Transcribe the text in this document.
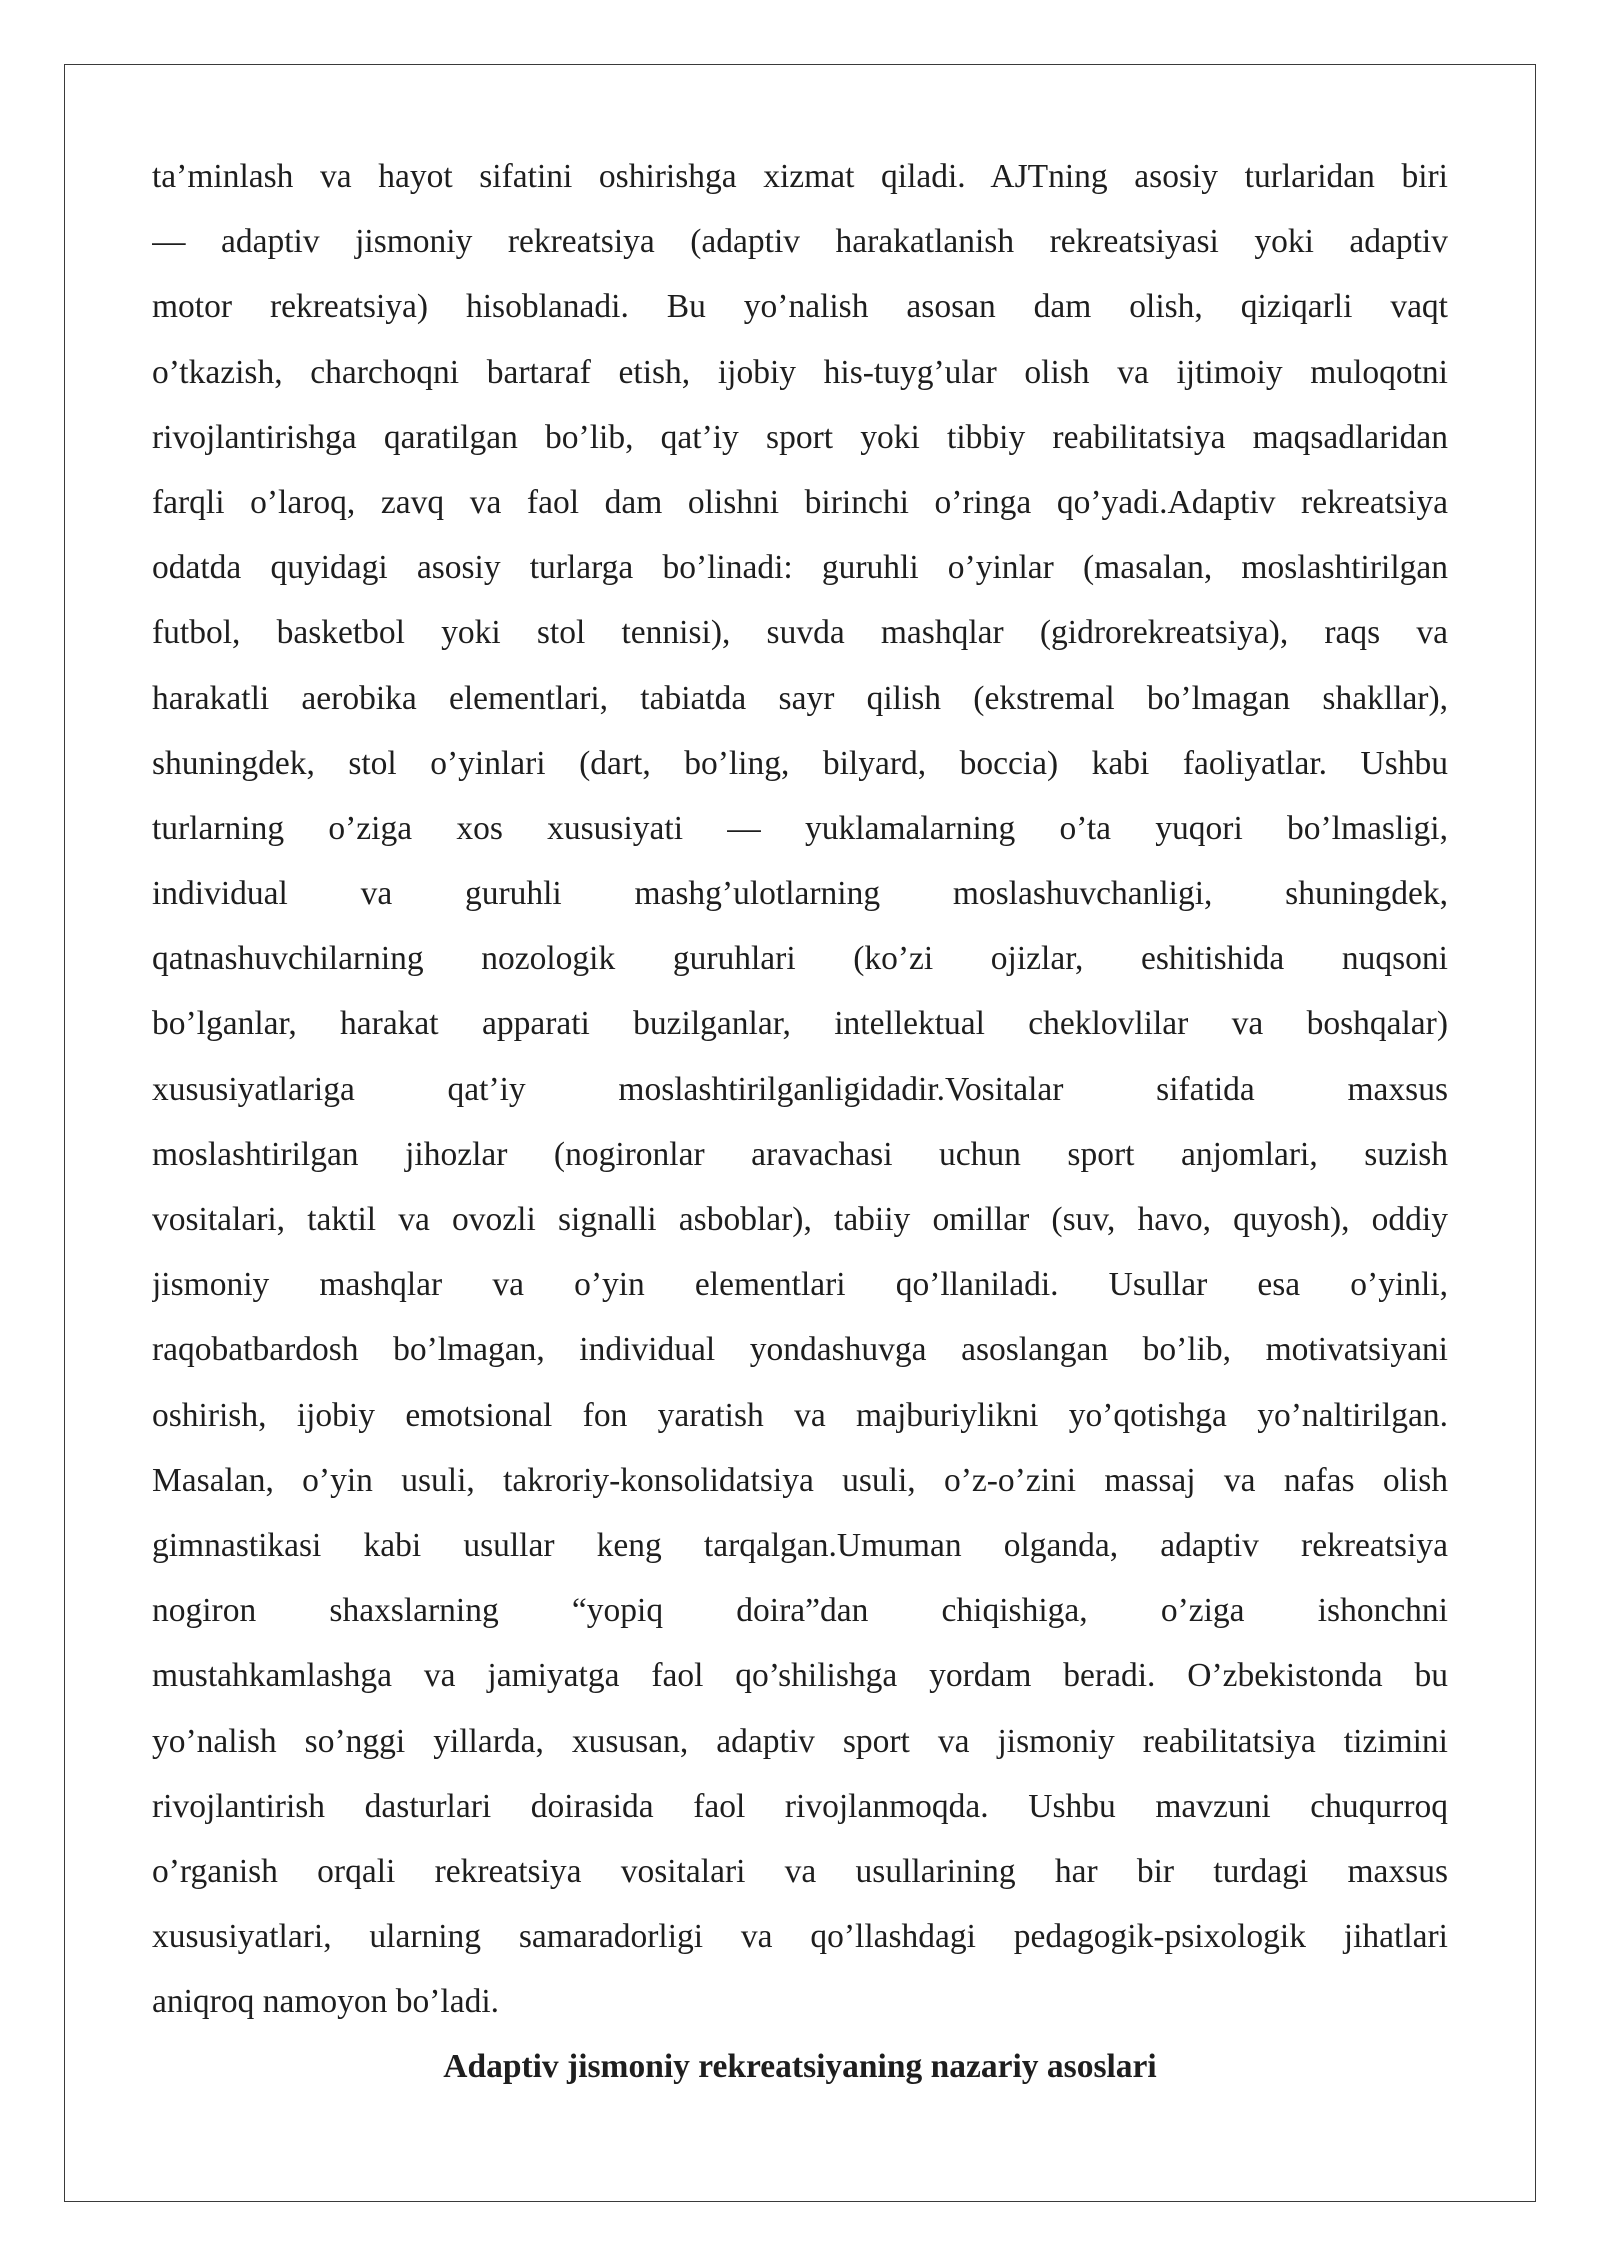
ta’minlash va hayot sifatini oshirishga xizmat qiladi. AJTning asosiy turlaridan biri
— adaptiv jismoniy rekreatsiya (adaptiv harakatlanish rekreatsiyasi yoki adaptiv
motor rekreatsiya) hisoblanadi. Bu yo’nalish asosan dam olish, qiziqarli vaqt
o’tkazish, charchoqni bartaraf etish, ijobiy his-tuyg’ular olish va ijtimoiy muloqotni
rivojlantirishga qaratilgan bo’lib, qat’iy sport yoki tibbiy reabilitatsiya maqsadlaridan
farqli o’laroq, zavq va faol dam olishni birinchi o’ringa qo’yadi.Adaptiv rekreatsiya
odatda quyidagi asosiy turlarga bo’linadi: guruhli o’yinlar (masalan, moslashtirilgan
futbol, basketbol yoki stol tennisi), suvda mashqlar (gidrorekreatsiya), raqs va
harakatli aerobika elementlari, tabiatda sayr qilish (ekstremal bo’lmagan shakllar),
shuningdek, stol o’yinlari (dart, bo’ling, bilyard, boccia) kabi faoliyatlar. Ushbu
turlarning o’ziga xos xususiyati — yuklamalarning o’ta yuqori bo’lmasligi,
individual va guruhli mashg’ulotlarning moslashuvchanligi, shuningdek,
qatnashuvchilarning nozologik guruhlari (ko’zi ojizlar, eshitishida nuqsoni
bo’lganlar, harakat apparati buzilganlar, intellektual cheklovlilar va boshqalar)
xususiyatlariga qat’iy moslashtirilganligidadir.Vositalar sifatida maxsus
moslashtirilgan jihozlar (nogironlar aravachasi uchun sport anjomlari, suzish
vositalari, taktil va ovozli signalli asboblar), tabiiy omillar (suv, havo, quyosh), oddiy
jismoniy mashqlar va o’yin elementlari qo’llaniladi. Usullar esa o’yinli,
raqobatbardosh bo’lmagan, individual yondashuvga asoslangan bo’lib, motivatsiyani
oshirish, ijobiy emotsional fon yaratish va majburiylikni yo’qotishga yo’naltirilgan.
Masalan, o’yin usuli, takroriy-konsolidatsiya usuli, o’z-o’zini massaj va nafas olish
gimnastikasi kabi usullar keng tarqalgan.Umuman olganda, adaptiv rekreatsiya
nogiron shaxslarning “yopiq doira”dan chiqishiga, o’ziga ishonchni
mustahkamlashga va jamiyatga faol qo’shilishga yordam beradi. O’zbekistonda bu
yo’nalish so’nggi yillarda, xususan, adaptiv sport va jismoniy reabilitatsiya tizimini
rivojlantirish dasturlari doirasida faol rivojlanmoqda. Ushbu mavzuni chuqurroq
o’rganish orqali rekreatsiya vositalari va usullarining har bir turdagi maxsus
xususiyatlari, ularning samaradorligi va qo’llashdagi pedagogik-psixologik jihatlari
aniqroq namoyon bo’ladi.
Adaptiv jismoniy rekreatsiyaning nazariy asoslari
